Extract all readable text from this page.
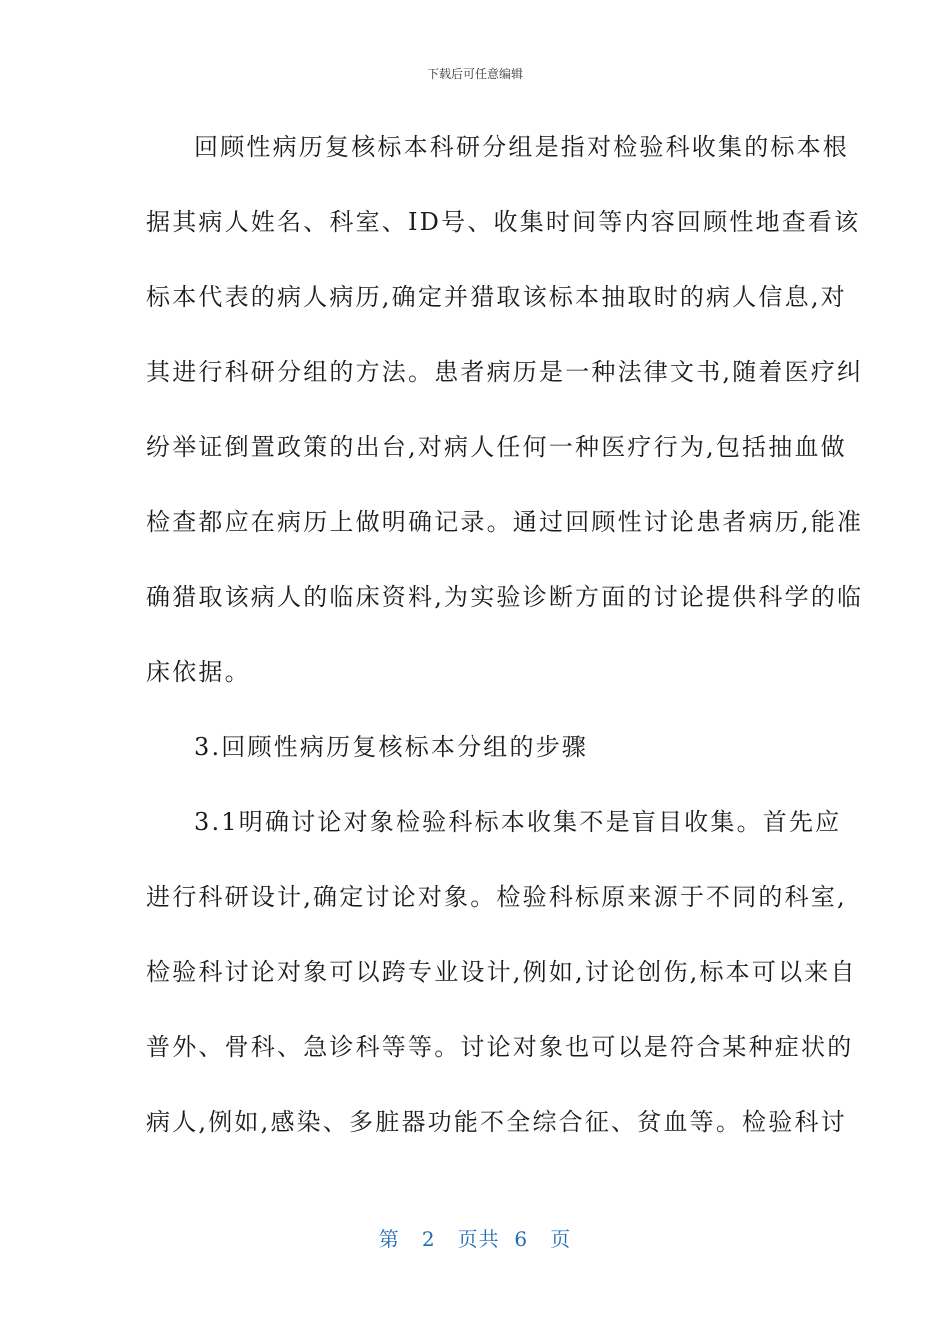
下载后可任意编辑
回顾性病历复核标本科研分组是指对检验科收集的标本根
据其病人姓名、科室、ID号、收集时间等内容回顾性地查看该
标本代表的病人病历,确定并猎取该标本抽取时的病人信息,对
其进行科研分组的方法。患者病历是一种法律文书,随着医疗纠
纷举证倒置政策的出台,对病人任何一种医疗行为,包括抽血做
检查都应在病历上做明确记录。通过回顾性讨论患者病历,能准
确猎取该病人的临床资料,为实验诊断方面的讨论提供科学的临
床依据。
3.回顾性病历复核标本分组的步骤
3.1明确讨论对象检验科标本收集不是盲目收集。首先应
进行科研设计,确定讨论对象。检验科标原来源于不同的科室,
检验科讨论对象可以跨专业设计,例如,讨论创伤,标本可以来自
普外、骨科、急诊科等等。讨论对象也可以是符合某种症状的
病人,例如,感染、多脏器功能不全综合征、贫血等。检验科讨
第 2 页共 6 页
